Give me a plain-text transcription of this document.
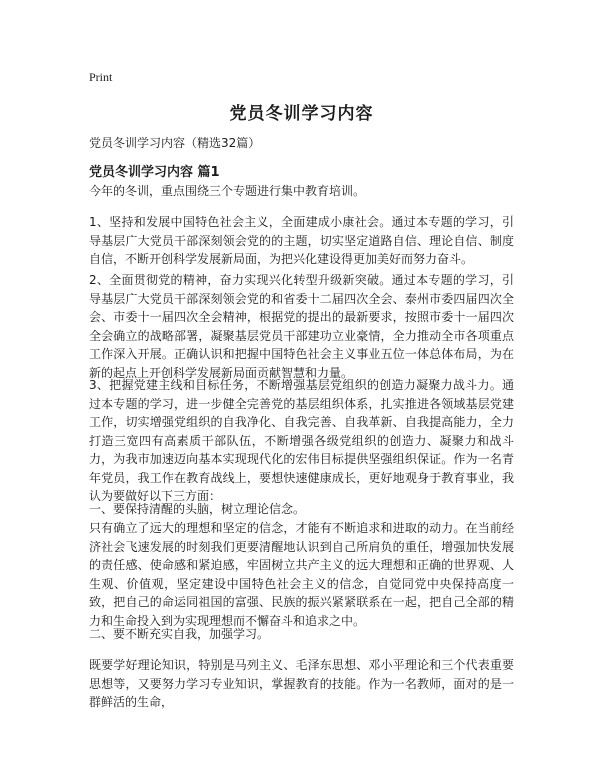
Print
党员冬训学习内容

党员冬训学习内容（精选32篇）

党员冬训学习内容 篇1

今年的冬训，重点围绕三个专题进行集中教育培训。

1、坚持和发展中国特色社会主义，全面建成小康社会。通过本专题的学习，引导基层广大党员干部深刻领会党的的主题，切实坚定道路自信、理论自信、制度自信，不断开创科学发展新局面，为把兴化建设得更加美好而努力奋斗。

2、全面贯彻党的精神，奋力实现兴化转型升级新突破。通过本专题的学习，引导基层广大党员干部深刻领会党的和省委十二届四次全会、泰州市委四届四次全会、市委十一届四次全会精神，根据党的提出的最新要求，按照市委十一届四次全会确立的战略部署，凝聚基层党员干部建功立业豪情，全力推动全市各项重点工作深入开展。正确认识和把握中国特色社会主义事业五位一体总体布局，为在新的起点上开创科学发展新局面贡献智慧和力量。

3、把握党建主线和目标任务，不断增强基层党组织的创造力凝聚力战斗力。通过本专题的学习，进一步健全完善党的基层组织体系，扎实推进各领域基层党建工作，切实增强党组织的自我净化、自我完善、自我革新、自我提高能力，全力打造三宽四有高素质干部队伍，不断增强各级党组织的创造力、凝聚力和战斗力，为我市加速迈向基本实现现代化的宏伟目标提供坚强组织保证。作为一名青年党员，我工作在教育战线上，要想快速健康成长，更好地观身于教育事业，我认为要做好以下三方面：

一、要保持清醒的头脑，树立理论信念。

只有确立了远大的理想和坚定的信念，才能有不断追求和进取的动力。在当前经济社会飞速发展的时刻我们更要清醒地认识到自己所肩负的重任，增强加快发展的责任感、使命感和紧迫感，牢固树立共产主义的远大理想和正确的世界观、人生观、价值观，坚定建设中国特色社会主义的信念，自觉同党中央保持高度一致，把自己的命运同祖国的富强、民族的振兴紧紧联系在一起，把自己全部的精力和生命投入到为实现理想而不懈奋斗和追求之中。

二、要不断充实自我，加强学习。

既要学好理论知识，特别是马列主义、毛泽东思想、邓小平理论和三个代表重要思想等，又要努力学习专业知识，掌握教育的技能。作为一名教师，面对的是一群鲜活的生命，
